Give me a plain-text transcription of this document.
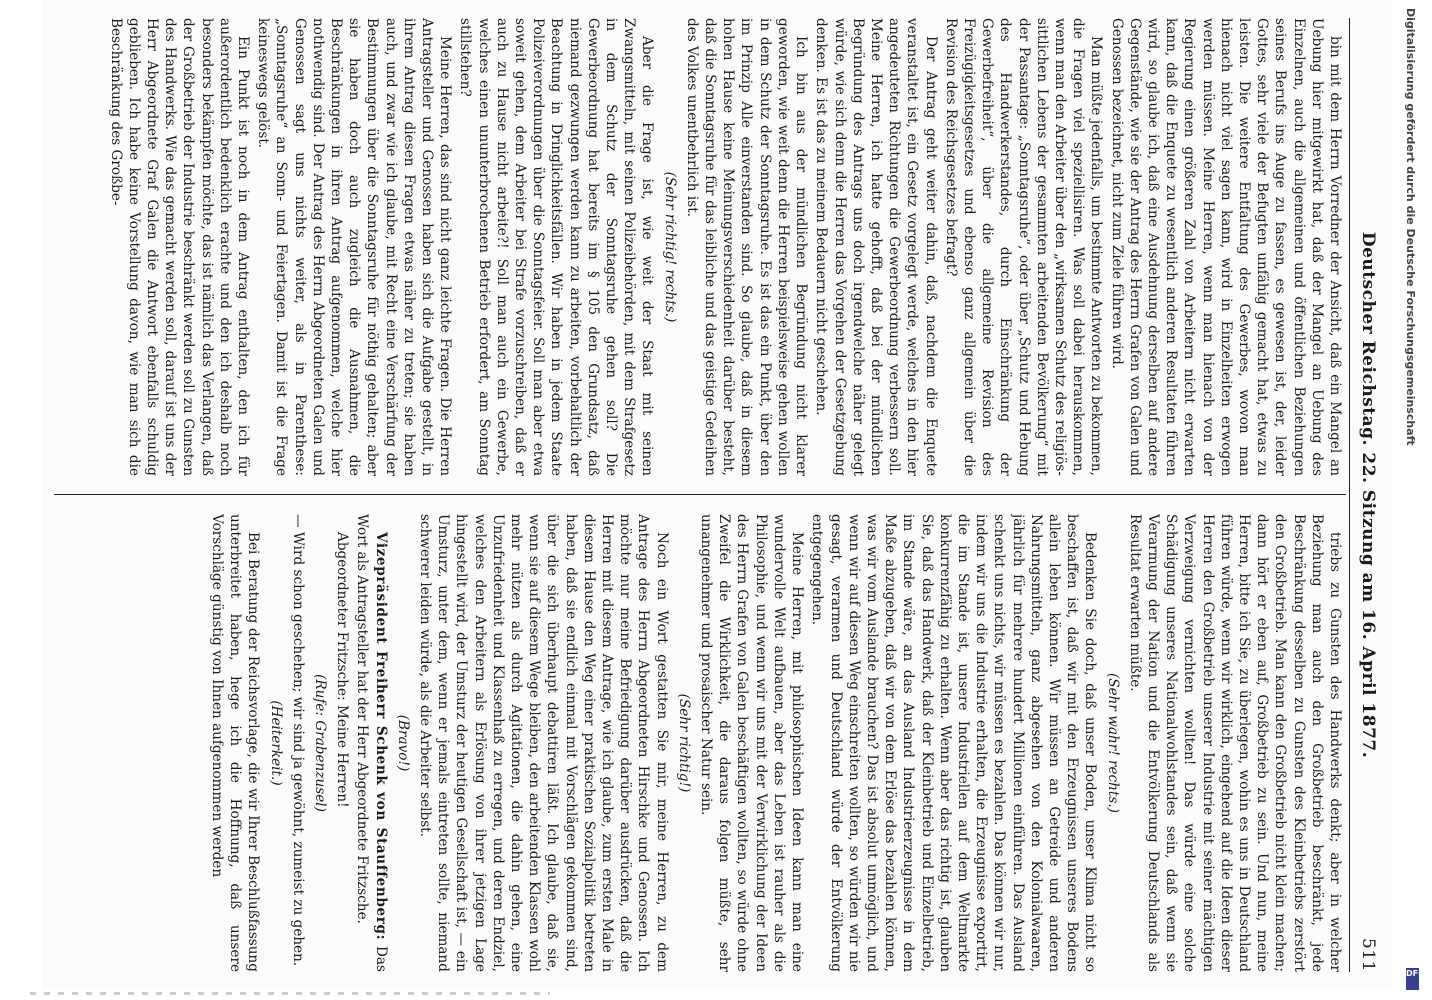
Deutscher Reichstag. 22. Sitzung am 16. April 1877.
511

bin mit dem Herrn Vorredner der Ansicht, daß ein Mangel an Uebung hier mitgewirkt hat, daß der Mangel an Uebung des Einzelnen, auch die allgemeinen und öffentlichen Beziehungen seines Berufs ins Auge zu fassen, es gewesen ist, der, leider Gottes, sehr viele der Befugten unfähig gemacht hat, etwas zu leisten. Die weitere Entfaltung des Gewerbes, wovon man hienach nicht viel sagen kann, wird in Einzelheiten erwogen werden müssen. Meine Herren, wenn man hienach von der Regierung einen größeren Zahl von Arbeitern nicht erwarten kann, daß die Enquete zu wesentlich anderen Resultaten führen wird, so glaube ich, daß eine Ausdehnung derselben auf andere Gegenstände, wie sie der Antrag des Herrn Grafen von Galen und Genossen bezeichnet, nicht zum Ziele führen wird.

Man müßte jedenfalls, um bestimmte Antworten zu bekommen, die Fragen viel speziellisiren. Was soll dabei herauskommen, wenn man den Arbeiter über den „wirksamen Schutz des religiös-sittlichen Lebens der gesammten arbeitenden Bevölkerung“ mit der Passantage: „Sonntagsruhe“, oder über „Schutz und Hebung des Handwerkerstandes, durch Einschränkung der Gewerbefreiheit“, über die allgemeine Revision des Freizügigkeitsgesetzes und ebenso ganz allgemein über die Revision des Reichsgesetzes befragt?

Der Antrag geht weiter dahin, daß, nachdem die Enquete veranstaltet ist, ein Gesetz vorgelegt werde, welches in den hier angedeuteten Richtungen die Gewerbeordnung verbessern soll. Meine Herren, ich hatte gehofft, daß bei der mündlichen Begründung des Antrags uns doch irgendwelche näher gelegt würde, wie sich denn die Herren das Vorgehen der Gesetzgebung denken. Es ist das zu meinem Bedauern nicht geschehen.

Ich bin aus der mündlichen Begründung nicht klarer geworden, wie weit denn die Herren beispielsweise gehen wollen in dem Schutz der Sonntagsruhe. Es ist das ein Punkt, über den im Prinzip Alle einverstanden sind. So glaube, daß in diesem hohen Hause keine Meinungsverschiedenheit darüber besteht, daß die Sonntagsruhe für das leibliche und das geistige Gedeihen des Volkes unentbehrlich ist.

(Sehr richtig! rechts.)

Aber die Frage ist, wie weit der Staat mit seinen Zwangsmitteln, mit seinen Polizeibehörden, mit dem Strafgesetz in dem Schutz der Sonntagsruhe gehen soll? Die Gewerbeordnung hat bereits im § 105 den Grundsatz, daß niemand gezwungen werden kann zu arbeiten, vorbehaltlich der Beachtung in Dringlichkeitsfällen. Wir haben in jedem Staate Polizeiverordnungen über die Sonntagsfeier. Soll man aber etwa soweit gehen, dem Arbeiter bei Strafe vorzuschreiben, daß er auch zu Hause nicht arbeite?! Soll man auch ein Gewerbe, welches einen ununterbrochenen Betrieb erfordert, am Sonntag stillstehen?

Meine Herren, das sind nicht ganz leichte Fragen. Die Herren Antragsteller und Genossen haben sich die Aufgabe gestellt, in ihrem Antrag diesen Fragen etwas näher zu treten; sie haben auch, und zwar wie ich glaube, mit Recht eine Verschärfung der Bestimmungen über die Sonntagsruhe für nöthig gehalten; aber sie haben doch auch zugleich die Ausnahmen, die Beschränkungen in ihren Antrag aufgenommen, welche hier nothwendig sind. Der Antrag des Herrn Abgeordneten Galen und Genossen sagt uns nichts weiter, als in Parenthese: „Sonntagsruhe“ an Sonn- und Feiertagen. Damit ist die Frage keineswegs gelöst.

Ein Punkt ist noch in dem Antrag enthalten, den ich für außerordentlich bedenklich erachte und den ich deshalb noch besonders bekämpfen möchte, das ist nämlich das Verlangen, daß der Großbetrieb der Industrie beschränkt werden soll zu Gunsten des Handwerks. Wie das gemacht werden soll, darauf ist uns der Herr Abgeordnete Graf Galen die Antwort ebenfalls schuldig geblieben. Ich habe keine Vorstellung davon, wie man sich die Beschränkung des Großbe-

triebs zu Gunsten des Handwerks denkt; aber in welcher Beziehung man auch den Großbetrieb beschränkt, jede Beschränkung desselben zu Gunsten des Kleinbetriebs zerstört den Großbetrieb. Man kann den Großbetrieb nicht klein machen; dann hört er eben auf, Großbetrieb zu sein. Und nun, meine Herren, bitte ich Sie, zu überlegen, wohin es uns in Deutschland führen würde, wenn wir wirklich, eingehend auf die Ideen dieser Herren den Großbetrieb unserer Industrie mit seiner mächtigen Verzweigung vernichten wollten! Das würde eine solche Schädigung unseres Nationalwohlstandes sein, daß wenn sie Verarmung der Nation und die Entvölkerung Deutschlands als Resultat erwarten müßte.

(Sehr wahr! rechts.)

Bedenken Sie doch, daß unser Boden, unser Klima nicht so beschaffen ist, daß wir mit den Erzeugnissen unseres Bodens allein leben können. Wir müssen an Getreide und anderen Nahrungsmitteln, ganz abgesehen von den Kolonialwaaren, jährlich für mehrere hundert Millionen einführen. Das Ausland schenkt uns nichts, wir müssen es bezahlen. Das können wir nur, indem wir uns die Industrie erhalten, die Erzeugnisse exportirt, die im Stande ist, unsere Industriellen auf dem Weltmarkte konkurrenzfähig zu erhalten. Wenn aber das richtig ist, glauben Sie, daß das Handwerk, daß der Kleinbetrieb und Einzelbetrieb, im Stande wäre, an das Ausland Industrieerzeugnisse in dem Maße abzugeben, daß wir von dem Erlöse das bezahlen können, was wir vom Auslande brauchen? Das ist absolut unmöglich, und wenn wir auf diesen Weg einschreiten wollten, so würden wir nie gesagt, verarmen und Deutschland würde der Entvölkerung entgegengehen.

Meine Herren, mit philosophischen Ideen kann man eine wundervolle Welt aufbauen, aber das Leben ist rauher als die Philosophie, und wenn wir uns mit der Verwirklichung der Ideen des Herrn Grafen von Galen beschäftigen wollten, so würde ohne Zweifel die Wirklichkeit, die daraus folgen müßte, sehr unangenehmer und prosaischer Natur sein.

(Sehr richtig!)

Noch ein Wort gestatten Sie mir, meine Herren, zu dem Antrage des Herrn Abgeordneten Hirschke und Genossen. Ich möchte nur meine Befriedigung darüber ausdrücken, daß die Herren mit diesem Antrage, wie ich glaube, zum ersten Male in diesem Hause den Weg einer praktischen Sozialpolitik betreten haben, daß sie endlich einmal mit Vorschlägen gekommen sind, über die sich überhaupt debattiren läßt. Ich glaube, daß sie, wenn sie auf diesem Wege bleiben, den arbeitenden Klassen wohl mehr nützen als durch Agitationen, die dahin gehen, eine Unzufriedenheit und Klassenhaß zu erregen, und deren Endziel, welches den Arbeitern als Erlösung von ihrer jetzigen Lage hingestellt wird, der Umsturz der heutigen Gesellschaft ist, — ein Umsturz, unter dem, wenn er jemals eintreten sollte, niemand schwerer leiden würde, als die Arbeiter selbst.

(Bravo!)

Vizepräsident Freiherr Schenk von Stauffenberg: Das Wort als Antragsteller hat der Herr Abgeordnete Fritzsche.

Abgeordneter Fritzsche: Meine Herren!

(Rufe: Grabenzusel)

— Wird schon geschehen; wir sind ja gewöhnt, zumeist zu gehen.

(Heiterkeit.)

Bei Beratung der Reichsvorlage, die wir Ihrer Beschlußfassung unterbreitet haben, hege ich die Hoffnung, daß unsere Vorschläge günstig von Ihnen aufgenommen werden

Digitalisierung gefördert durch die Deutsche Forschungsgemeinschaft
DFG
